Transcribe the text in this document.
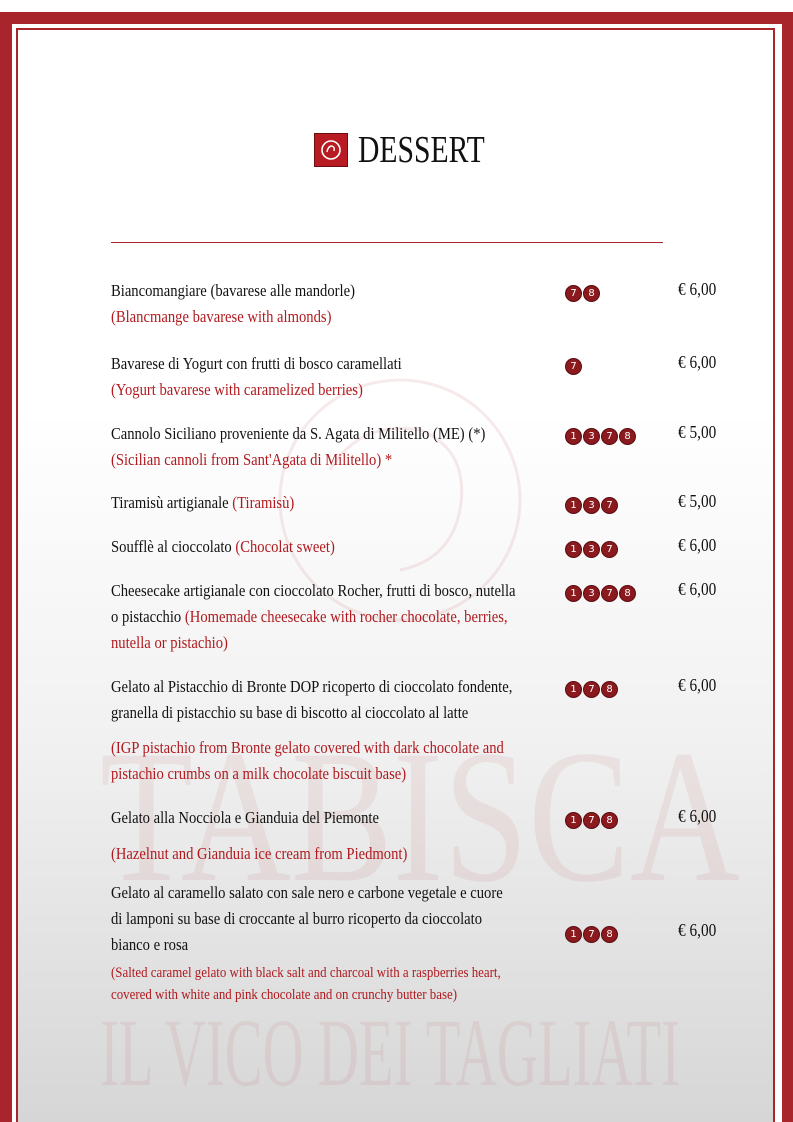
DESSERT
Biancomangiare (bavarese alle mandorle)
(Blancmange bavarese with almonds)
7	8	€ 6,00
Bavarese di Yogurt con frutti di bosco caramellati
(Yogurt bavarese with caramelized berries)
7	€ 6,00
Cannolo Siciliano proveniente da S. Agata di Militello (ME) (*)
(Sicilian cannoli from Sant'Agata di Militello) *
1	3	7	8	€ 5,00
Tiramisù artigianale (Tiramisù)	1	3	7	€ 5,00
Soufflè al cioccolato (Chocolat sweet)	1	3	7	€ 6,00
Cheesecake artigianale con cioccolato Rocher, frutti di bosco, nutella
o pistacchio (Homemade cheesecake with rocher chocolate, berries,
nutella or pistachio)
1	3	7	8	€ 6,00
Gelato al Pistacchio di Bronte DOP ricoperto di cioccolato fondente,
granella di pistacchio su base di biscotto al cioccolato al latte
1	7	8	€ 6,00
(IGP pistachio from Bronte gelato covered with dark chocolate and
pistachio crumbs on a milk chocolate biscuit base)
Gelato alla Nocciola e Gianduia del Piemonte	1	7	8	€ 6,00
(Hazelnut and Gianduia ice cream from Piedmont)
Gelato al caramello salato con sale nero e carbone vegetale e cuore
di lamponi su base di croccante al burro ricoperto da cioccolato
bianco e rosa
1	7	8	€ 6,00
(Salted caramel gelato with black salt and charcoal with a raspberries heart,
covered with white and pink chocolate and on crunchy butter base)
